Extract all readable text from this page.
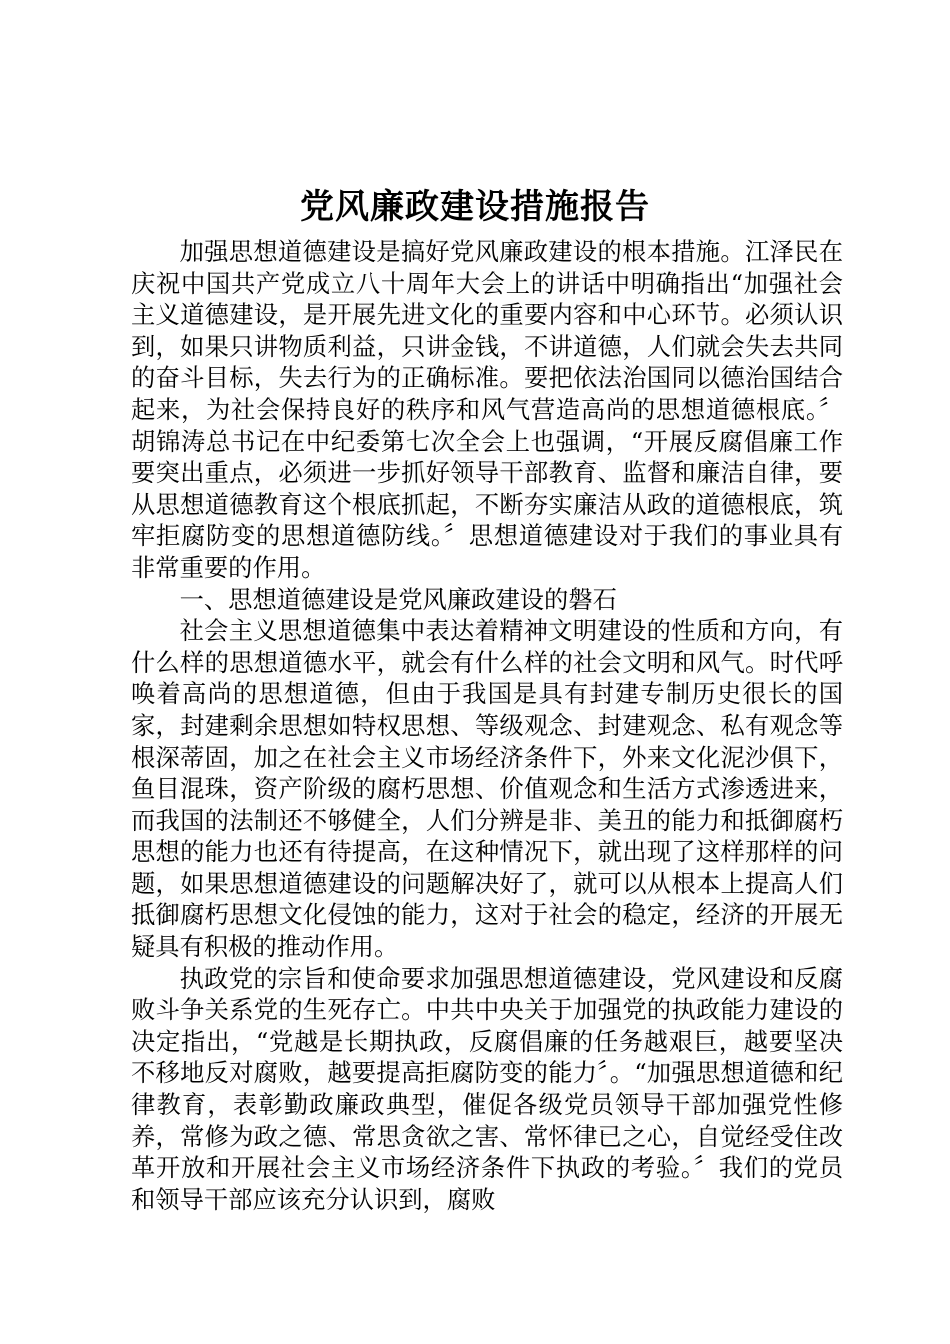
党风廉政建设措施报告

加强思想道德建设是搞好党风廉政建设的根本措施。江泽民在庆祝中国共产党成立八十周年大会上的讲话中明确指出“加强社会主义道德建设，是开展先进文化的重要内容和中心环节。必须认识到，如果只讲物质利益，只讲金钱，不讲道德，人们就会失去共同的奋斗目标，失去行为的正确标准。要把依法治国同以德治国结合起来，为社会保持良好的秩序和风气营造高尚的思想道德根底。〞胡锦涛总书记在中纪委第七次全会上也强调，“开展反腐倡廉工作要突出重点，必须进一步抓好领导干部教育、监督和廉洁自律，要从思想道德教育这个根底抓起，不断夯实廉洁从政的道德根底，筑牢拒腐防变的思想道德防线。〞思想道德建设对于我们的事业具有非常重要的作用。

一、思想道德建设是党风廉政建设的磐石

社会主义思想道德集中表达着精神文明建设的性质和方向，有什么样的思想道德水平，就会有什么样的社会文明和风气。时代呼唤着高尚的思想道德，但由于我国是具有封建专制历史很长的国家，封建剩余思想如特权思想、等级观念、封建观念、私有观念等根深蒂固，加之在社会主义市场经济条件下，外来文化泥沙俱下，鱼目混珠，资产阶级的腐朽思想、价值观念和生活方式渗透进来，而我国的法制还不够健全，人们分辨是非、美丑的能力和抵御腐朽思想的能力也还有待提高，在这种情况下，就出现了这样那样的问题，如果思想道德建设的问题解决好了，就可以从根本上提高人们抵御腐朽思想文化侵蚀的能力，这对于社会的稳定，经济的开展无疑具有积极的推动作用。

执政党的宗旨和使命要求加强思想道德建设，党风建设和反腐败斗争关系党的生死存亡。中共中央关于加强党的执政能力建设的决定指出，“党越是长期执政，反腐倡廉的任务越艰巨，越要坚决不移地反对腐败，越要提高拒腐防变的能力〞。“加强思想道德和纪律教育，表彰勤政廉政典型，催促各级党员领导干部加强党性修养，常修为政之德、常思贪欲之害、常怀律已之心，自觉经受住改革开放和开展社会主义市场经济条件下执政的考验。〞我们的党员和领导干部应该充分认识到，腐败
